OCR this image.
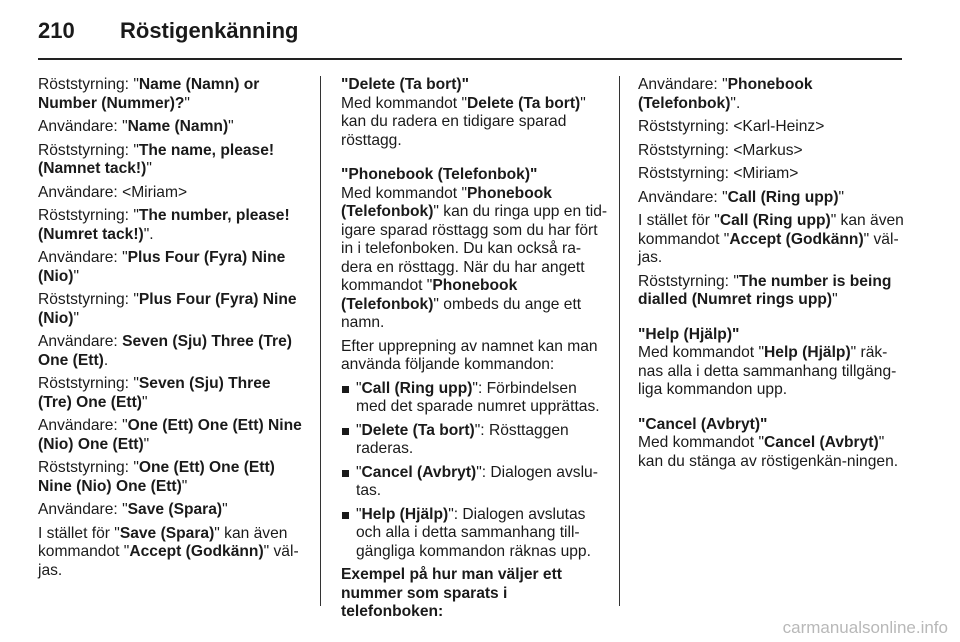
210 Röstigenkänning

Röststyrning: "Name (Namn) or Number (Nummer)?"

Användare: "Name (Namn)"

Röststyrning: "The name, please! (Namnet tack!)"

Användare: <Miriam>

Röststyrning: "The number, please! (Numret tack!)".

Användare: "Plus Four (Fyra) Nine (Nio)"

Röststyrning: "Plus Four (Fyra) Nine (Nio)"

Användare: Seven (Sju) Three (Tre) One (Ett).

Röststyrning: "Seven (Sju) Three (Tre) One (Ett)"

Användare: "One (Ett) One (Ett) Nine (Nio) One (Ett)"

Röststyrning: "One (Ett) One (Ett) Nine (Nio) One (Ett)"

Användare: "Save (Spara)"

I stället för "Save (Spara)" kan även kommandot "Accept (Godkänn)" väl-jas.

"Delete (Ta bort)"
Med kommandot "Delete (Ta bort)" kan du radera en tidigare sparad rösttagg.

"Phonebook (Telefonbok)"
Med kommandot "Phonebook (Telefonbok)" kan du ringa upp en tid-igare sparad rösttagg som du har fört in i telefonboken. Du kan också ra-dera en rösttagg. När du har angett kommandot "Phonebook (Telefonbok)" ombeds du ange ett namn.

Efter upprepning av namnet kan man använda följande kommandon:

"Call (Ring upp)": Förbindelsen med det sparade numret upprättas.
"Delete (Ta bort)": Rösttaggen raderas.
"Cancel (Avbryt)": Dialogen avslu-tas.
"Help (Hjälp)": Dialogen avslutas och alla i detta sammanhang till-gängliga kommandon räknas upp.

Exempel på hur man väljer ett nummer som sparats i telefonboken:

Användare: "Phonebook (Telefonbok)".

Röststyrning: <Karl-Heinz>

Röststyrning: <Markus>

Röststyrning: <Miriam>

Användare: "Call (Ring upp)"

I stället för "Call (Ring upp)" kan även kommandot "Accept (Godkänn)" väl-jas.

Röststyrning: "The number is being dialled (Numret rings upp)"

"Help (Hjälp)"
Med kommandot "Help (Hjälp)" räk-nas alla i detta sammanhang tillgäng-liga kommandon upp.

"Cancel (Avbryt)"
Med kommandot "Cancel (Avbryt)" kan du stänga av röstigenkän-ningen.

carmanualsonline.info
